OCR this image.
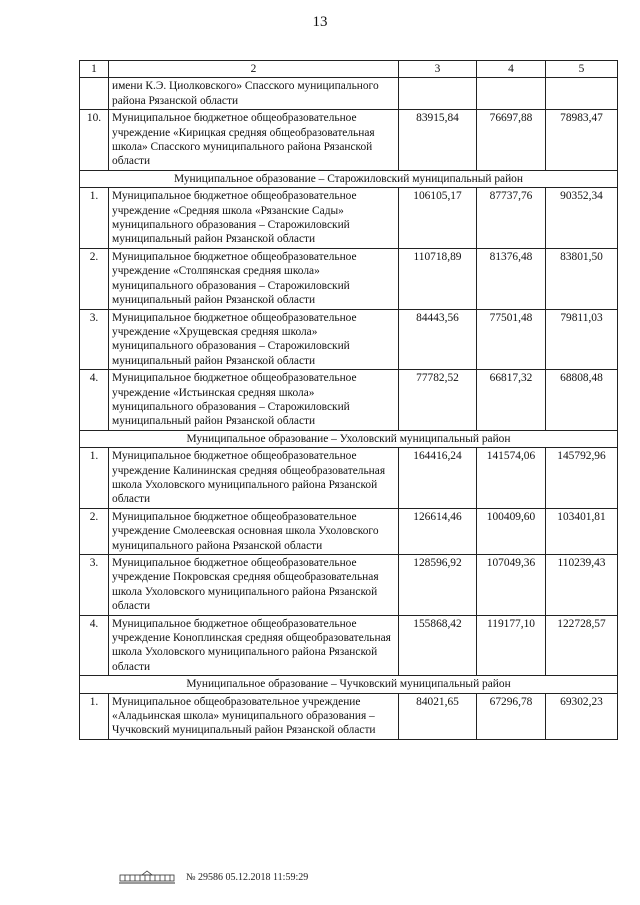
13
1	2	3	4	5
	имени К.Э. Циолковского» Спасского муниципального района Рязанской области			
10.	Муниципальное бюджетное общеобразовательное учреждение «Кирицкая средняя общеобразовательная школа» Спасского муниципального района Рязанской области	83915,84	76697,88	78983,47
Муниципальное образование – Старожиловский муниципальный район				
1.	Муниципальное бюджетное общеобразовательное учреждение «Средняя школа «Рязанские Сады» муниципального образования – Старожиловский муниципальный район Рязанской области	106105,17	87737,76	90352,34
2.	Муниципальное бюджетное общеобразовательное учреждение «Столпянская средняя школа» муниципального образования – Старожиловский муниципальный район Рязанской области	110718,89	81376,48	83801,50
3.	Муниципальное бюджетное общеобразовательное учреждение «Хрущевская средняя школа» муниципального образования – Старожиловский муниципальный район Рязанской области	84443,56	77501,48	79811,03
4.	Муниципальное бюджетное общеобразовательное учреждение «Истьинская средняя школа» муниципального образования – Старожиловский муниципальный район Рязанской области	77782,52	66817,32	68808,48
Муниципальное образование – Ухоловский муниципальный район				
1.	Муниципальное бюджетное общеобразовательное учреждение Калининская средняя общеобразовательная школа Ухоловского муниципального района Рязанской области	164416,24	141574,06	145792,96
2.	Муниципальное бюджетное общеобразовательное учреждение Смолеевская основная школа Ухоловского муниципального района Рязанской области	126614,46	100409,60	103401,81
3.	Муниципальное бюджетное общеобразовательное учреждение Покровская средняя общеобразовательная школа Ухоловского муниципального района Рязанской области	128596,92	107049,36	110239,43
4.	Муниципальное бюджетное общеобразовательное учреждение Коноплинская средняя общеобразовательная школа Ухоловского муниципального района Рязанской области	155868,42	119177,10	122728,57
Муниципальное образование – Чучковский муниципальный район				
1.	Муниципальное общеобразовательное учреждение «Аладьинская школа» муниципального образования – Чучковский муниципальный район Рязанской области	84021,65	67296,78	69302,23
№ 29586 05.12.2018 11:59:29
